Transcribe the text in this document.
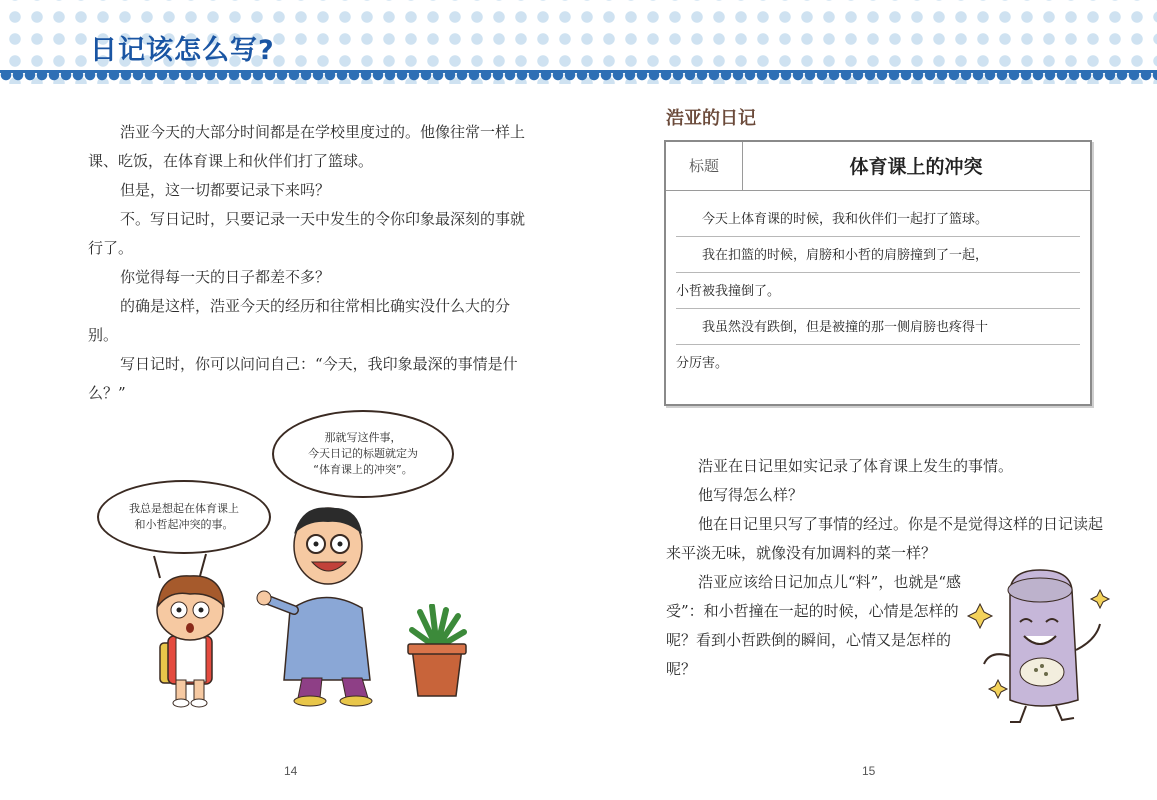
日记该怎么写?

浩亚今天的大部分时间都是在学校里度过的。他像往常一样上课、吃饭，在体育课上和伙伴们打了篮球。

但是，这一切都要记录下来吗？

不。写日记时，只要记录一天中发生的令你印象最深刻的事就行了。

你觉得每一天的日子都差不多？

的确是这样，浩亚今天的经历和往常相比确实没什么大的分别。

写日记时，你可以问问自己：“今天，我印象最深的事情是什么？”

我总是想起在体育课上
和小哲起冲突的事。
那就写这件事，
今天日记的标题就定为
“体育课上的冲突”。
14
浩亚的日记
标题	体育课上的冲突
　　今天上体育课的时候，我和伙伴们一起打了篮球。
　　我在扣篮的时候，肩膀和小哲的肩膀撞到了一起，
小哲被我撞倒了。
　　我虽然没有跌倒，但是被撞的那一侧肩膀也疼得十
分厉害。

浩亚在日记里如实记录了体育课上发生的事情。

他写得怎么样？

他在日记里只写了事情的经过。你是不是觉得这样的日记读起来平淡无味，就像没有加调料的菜一样？

浩亚应该给日记加点儿“料”，也就是“感受”：和小哲撞在一起的时候，心情是怎样的呢？看到小哲跌倒的瞬间，心情又是怎样的呢？

15
